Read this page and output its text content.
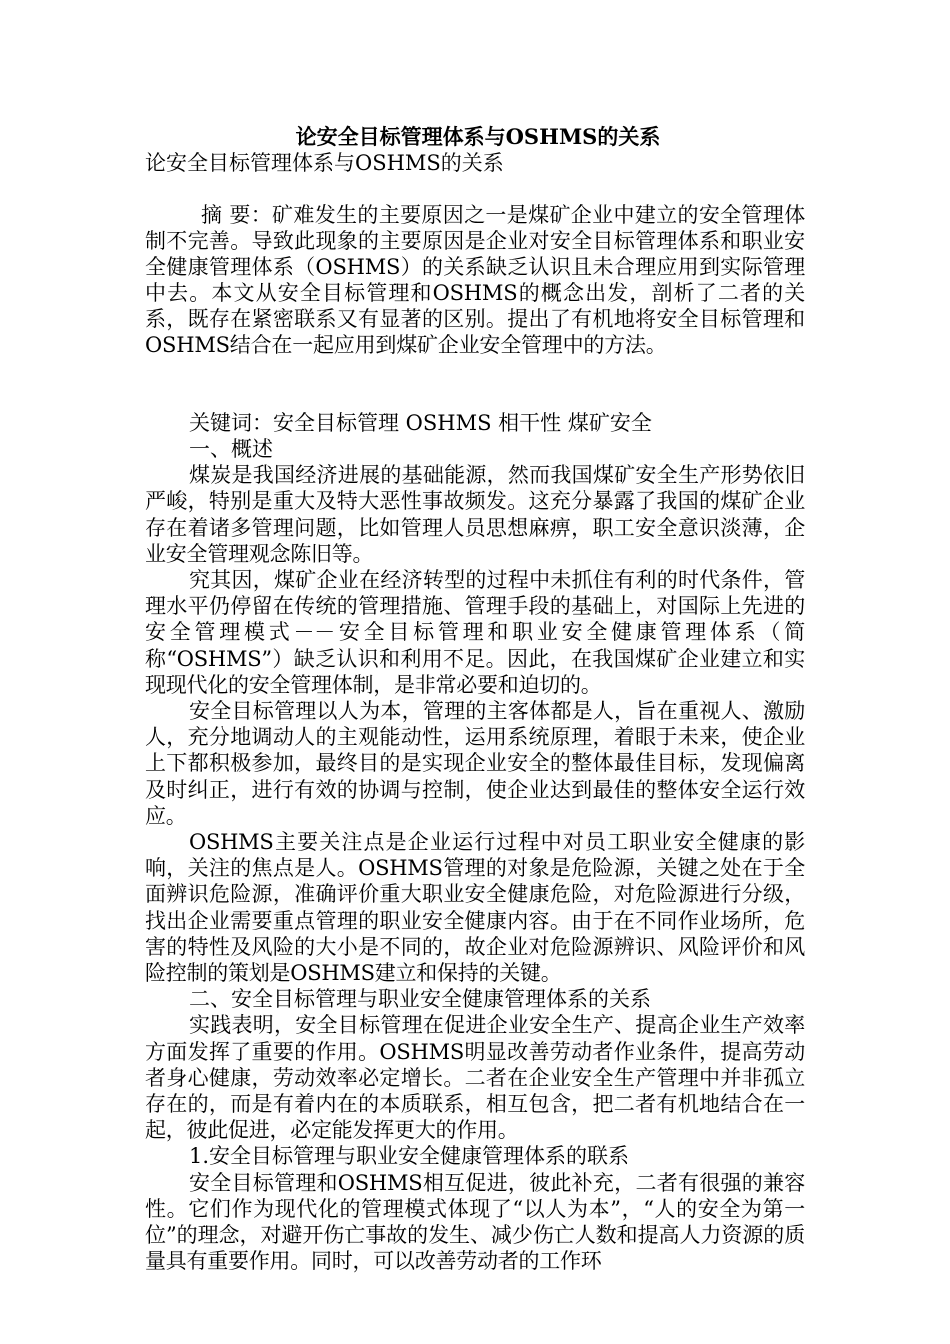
论安全目标管理体系与OSHMS的关系

论安全目标管理体系与OSHMS的关系

摘 要：矿难发生的主要原因之一是煤矿企业中建立的安全管理体制不完善。导致此现象的主要原因是企业对安全目标管理体系和职业安全健康管理体系（OSHMS）的关系缺乏认识且未合理应用到实际管理中去。本文从安全目标管理和OSHMS的概念出发，剖析了二者的关系，既存在紧密联系又有显著的区别。提出了有机地将安全目标管理和OSHMS结合在一起应用到煤矿企业安全管理中的方法。

关键词：安全目标管理 OSHMS 相干性 煤矿安全

一、概述

煤炭是我国经济进展的基础能源，然而我国煤矿安全生产形势依旧严峻，特别是重大及特大恶性事故频发。这充分暴露了我国的煤矿企业存在着诸多管理问题，比如管理人员思想麻痹，职工安全意识淡薄，企业安全管理观念陈旧等。

究其因，煤矿企业在经济转型的过程中未抓住有利的时代条件，管理水平仍停留在传统的管理措施、管理手段的基础上，对国际上先进的安全管理模式－－安全目标管理和职业安全健康管理体系（简称“OSHMS”）缺乏认识和利用不足。因此，在我国煤矿企业建立和实现现代化的安全管理体制，是非常必要和迫切的。

安全目标管理以人为本，管理的主客体都是人，旨在重视人、激励人，充分地调动人的主观能动性，运用系统原理，着眼于未来，使企业上下都积极参加，最终目的是实现企业安全的整体最佳目标，发现偏离及时纠正，进行有效的协调与控制，使企业达到最佳的整体安全运行效应。

OSHMS主要关注点是企业运行过程中对员工职业安全健康的影响，关注的焦点是人。OSHMS管理的对象是危险源，关键之处在于全面辨识危险源，准确评价重大职业安全健康危险，对危险源进行分级，找出企业需要重点管理的职业安全健康内容。由于在不同作业场所，危害的特性及风险的大小是不同的，故企业对危险源辨识、风险评价和风险控制的策划是OSHMS建立和保持的关键。

二、安全目标管理与职业安全健康管理体系的关系

实践表明，安全目标管理在促进企业安全生产、提高企业生产效率方面发挥了重要的作用。OSHMS明显改善劳动者作业条件，提高劳动者身心健康，劳动效率必定增长。二者在企业安全生产管理中并非孤立存在的，而是有着内在的本质联系，相互包含，把二者有机地结合在一起，彼此促进，必定能发挥更大的作用。

1.安全目标管理与职业安全健康管理体系的联系

安全目标管理和OSHMS相互促进，彼此补充，二者有很强的兼容性。它们作为现代化的管理模式体现了“以人为本”，“人的安全为第一位”的理念，对避开伤亡事故的发生、减少伤亡人数和提高人力资源的质量具有重要作用。同时，可以改善劳动者的工作环
